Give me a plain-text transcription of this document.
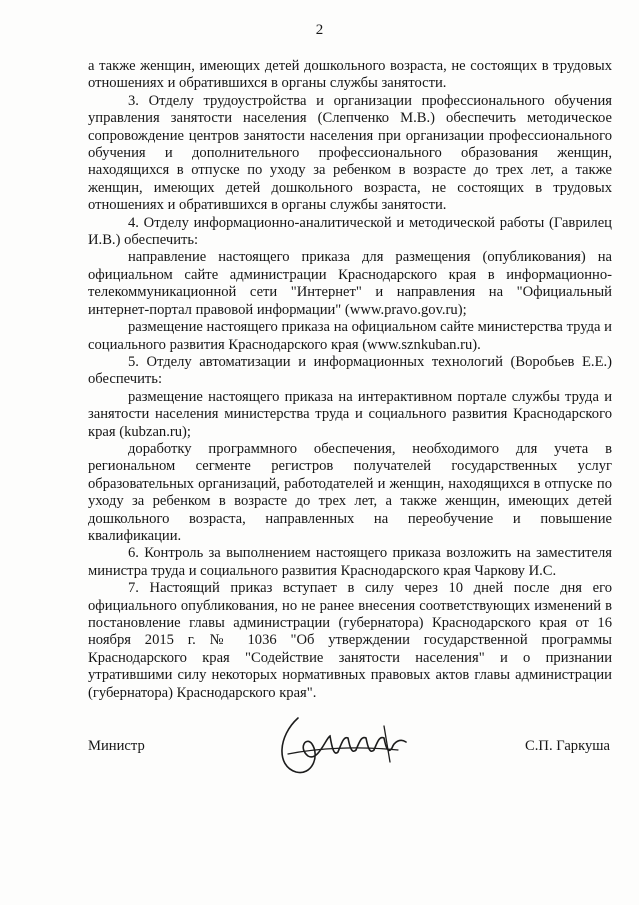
2

а также женщин, имеющих детей дошкольного возраста, не состоящих в трудовых отношениях и обратившихся в органы службы занятости.

3. Отделу трудоустройства и организации профессионального обучения управления занятости населения (Слепченко М.В.) обеспечить методическое сопровождение центров занятости населения при организации профессионального обучения и дополнительного профессионального образования женщин, находящихся в отпуске по уходу за ребенком в возрасте до трех лет, а также женщин, имеющих детей дошкольного возраста, не состоящих в трудовых отношениях и обратившихся в органы службы занятости.

4. Отделу информационно-аналитической и методической работы (Гаврилец И.В.) обеспечить:

направление настоящего приказа для размещения (опубликования) на официальном сайте администрации Краснодарского края в информационно-телекоммуникационной сети "Интернет" и направления на "Официальный интернет-портал правовой информации" (www.pravo.gov.ru);

размещение настоящего приказа на официальном сайте министерства труда и социального развития Краснодарского края (www.sznkuban.ru).

5. Отделу автоматизации и информационных технологий (Воробьев Е.Е.) обеспечить:

размещение настоящего приказа на интерактивном портале службы труда и занятости населения министерства труда и социального развития Краснодарского края (kubzan.ru);

доработку программного обеспечения, необходимого для учета в региональном сегменте регистров получателей государственных услуг образовательных организаций, работодателей и женщин, находящихся в отпуске по уходу за ребенком в возрасте до трех лет, а также женщин, имеющих детей дошкольного возраста, направленных на переобучение и повышение квалификации.

6. Контроль за выполнением настоящего приказа возложить на заместителя министра труда и социального развития Краснодарского края Чаркову И.С.

7. Настоящий приказ вступает в силу через 10 дней после дня его официального опубликования, но не ранее внесения соответствующих изменений в постановление главы администрации (губернатора) Краснодарского края от 16 ноября 2015 г. № 1036 "Об утверждении государственной программы Краснодарского края "Содействие занятости населения" и о признании утратившими силу некоторых нормативных правовых актов главы администрации (губернатора) Краснодарского края".

Министр	С.П. Гаркуша
